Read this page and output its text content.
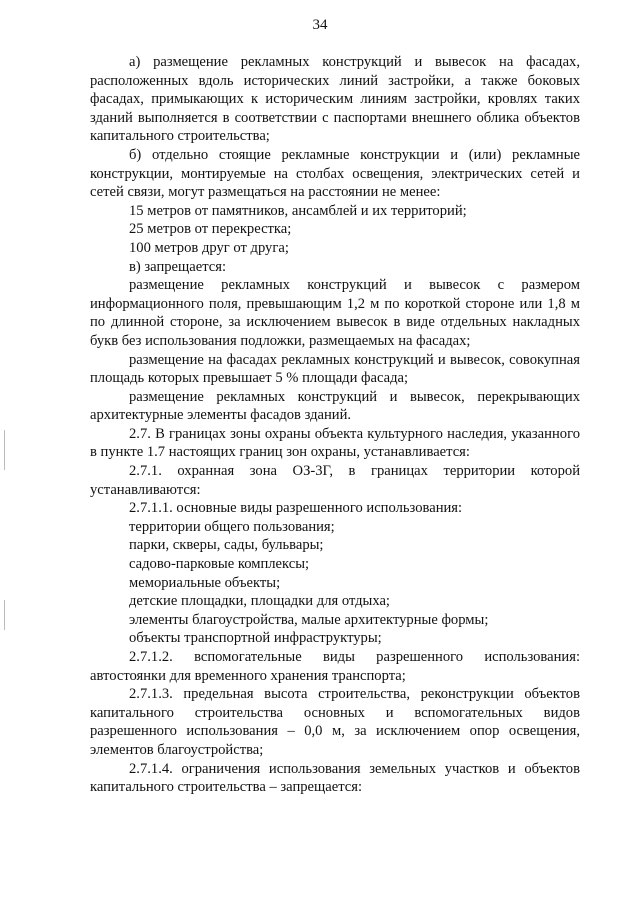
34

а) размещение рекламных конструкций и вывесок на фасадах, расположенных вдоль исторических линий застройки, а также боковых фасадах, примыкающих к историческим линиям застройки, кровлях таких зданий выполняется в соответствии с паспортами внешнего облика объектов капитального строительства;

б) отдельно стоящие рекламные конструкции и (или) рекламные конструкции, монтируемые на столбах освещения, электрических сетей и сетей связи, могут размещаться на расстоянии не менее:

15 метров от памятников, ансамблей и их территорий;

25 метров от перекрестка;

100 метров друг от друга;

в) запрещается:

размещение рекламных конструкций и вывесок с размером информационного поля, превышающим 1,2 м по короткой стороне или 1,8 м по длинной стороне, за исключением вывесок в виде отдельных накладных букв без использования подложки, размещаемых на фасадах;

размещение на фасадах рекламных конструкций и вывесок, совокупная площадь которых превышает 5 % площади фасада;

размещение рекламных конструкций и вывесок, перекрывающих архитектурные элементы фасадов зданий.

2.7. В границах зоны охраны объекта культурного наследия, указанного в пункте 1.7 настоящих границ зон охраны, устанавливается:

2.7.1. охранная зона ОЗ-3Г, в границах территории которой устанавливаются:

2.7.1.1. основные виды разрешенного использования:

территории общего пользования;

парки, скверы, сады, бульвары;

садово-парковые комплексы;

мемориальные объекты;

детские площадки, площадки для отдыха;

элементы благоустройства, малые архитектурные формы;

объекты транспортной инфраструктуры;

2.7.1.2. вспомогательные виды разрешенного использования: автостоянки для временного хранения транспорта;

2.7.1.3. предельная высота строительства, реконструкции объектов капитального строительства основных и вспомогательных видов разрешенного использования – 0,0 м, за исключением опор освещения, элементов благоустройства;

2.7.1.4. ограничения использования земельных участков и объектов капитального строительства – запрещается:
